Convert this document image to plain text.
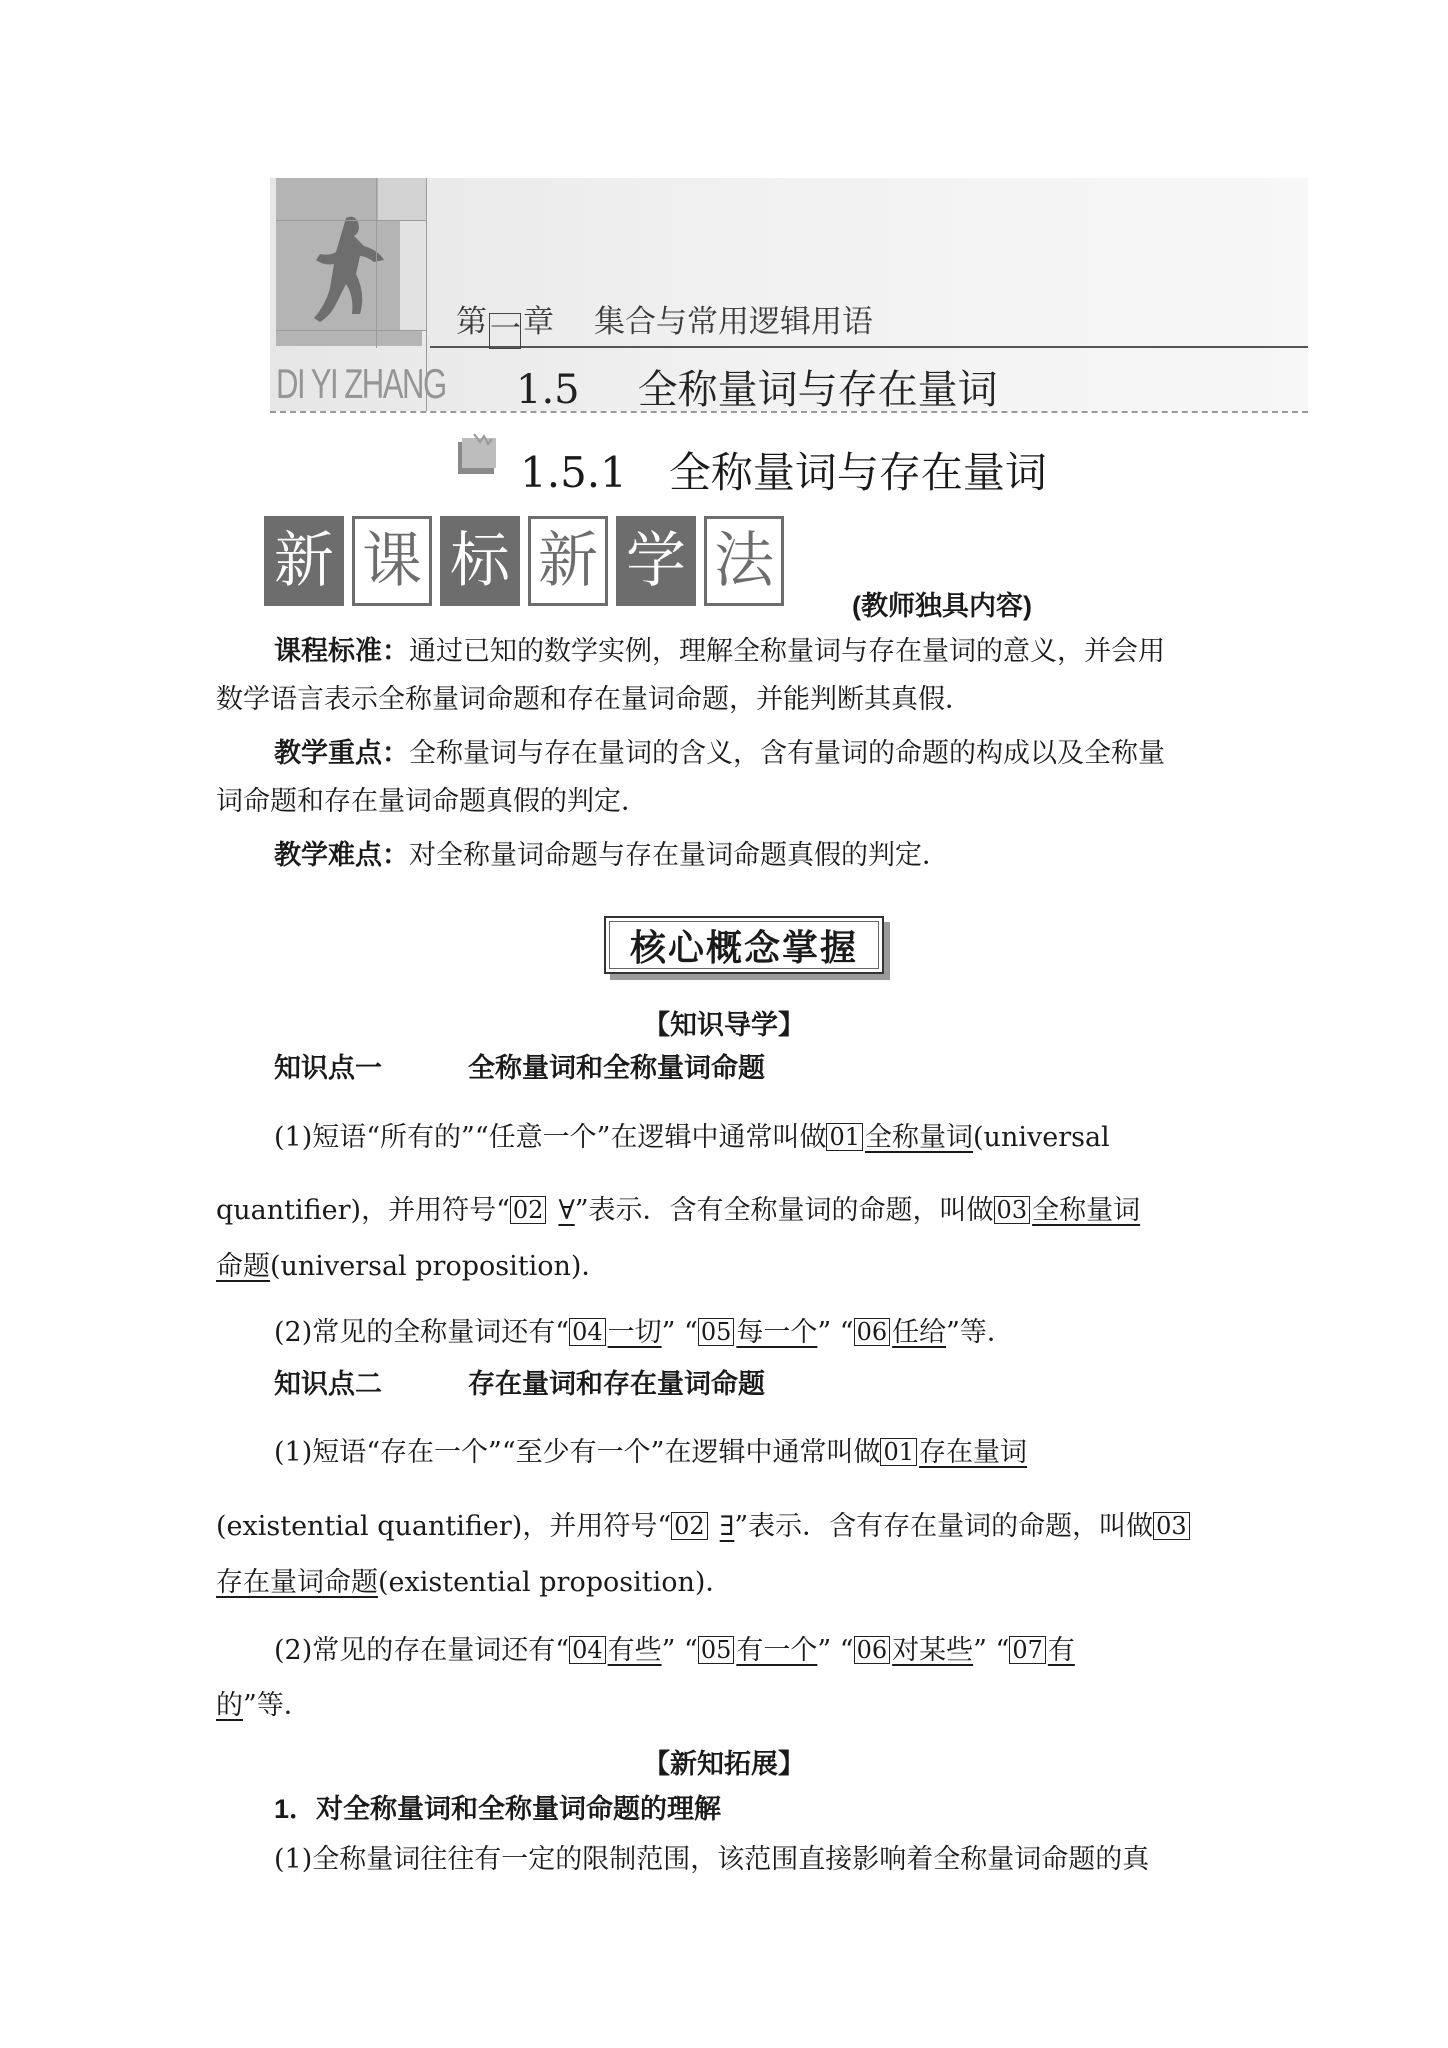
DI YI ZHANG
第一章 集合与常用逻辑用语
1.5 全称量词与存在量词
1.5.1 全称量词与存在量词
新 课 标 新 学 法
(教师独具内容)
课程标准：通过已知的数学实例，理解全称量词与存在量词的意义，并会用
数学语言表示全称量词命题和存在量词命题，并能判断其真假．
教学重点：全称量词与存在量词的含义，含有量词的命题的构成以及全称量
词命题和存在量词命题真假的判定．
教学难点：对全称量词命题与存在量词命题真假的判定．
核心概念掌握
【知识导学】
知识点一	全称量词和全称量词命题
(1)短语“所有的”“任意一个”在逻辑中通常叫做 01 全称量词(universal
quantifier)，并用符号“ 02 ∀”表示．含有全称量词的命题，叫做 03 全称量词
命题(universal proposition)．
(2)常见的全称量词还有“ 04 一切” “ 05 每一个” “ 06 任给”等．
知识点二	存在量词和存在量词命题
(1)短语“存在一个”“至少有一个”在逻辑中通常叫做 01 存在量词
(existential quantifier)，并用符号“ 02 ∃”表示．含有存在量词的命题，叫做 03
存在量词命题(existential proposition)．
(2)常见的存在量词还有“ 04 有些” “ 05 有一个” “ 06 对某些” “ 07 有
的”等．
【新知拓展】
1．对全称量词和全称量词命题的理解
(1)全称量词往往有一定的限制范围，该范围直接影响着全称量词命题的真
